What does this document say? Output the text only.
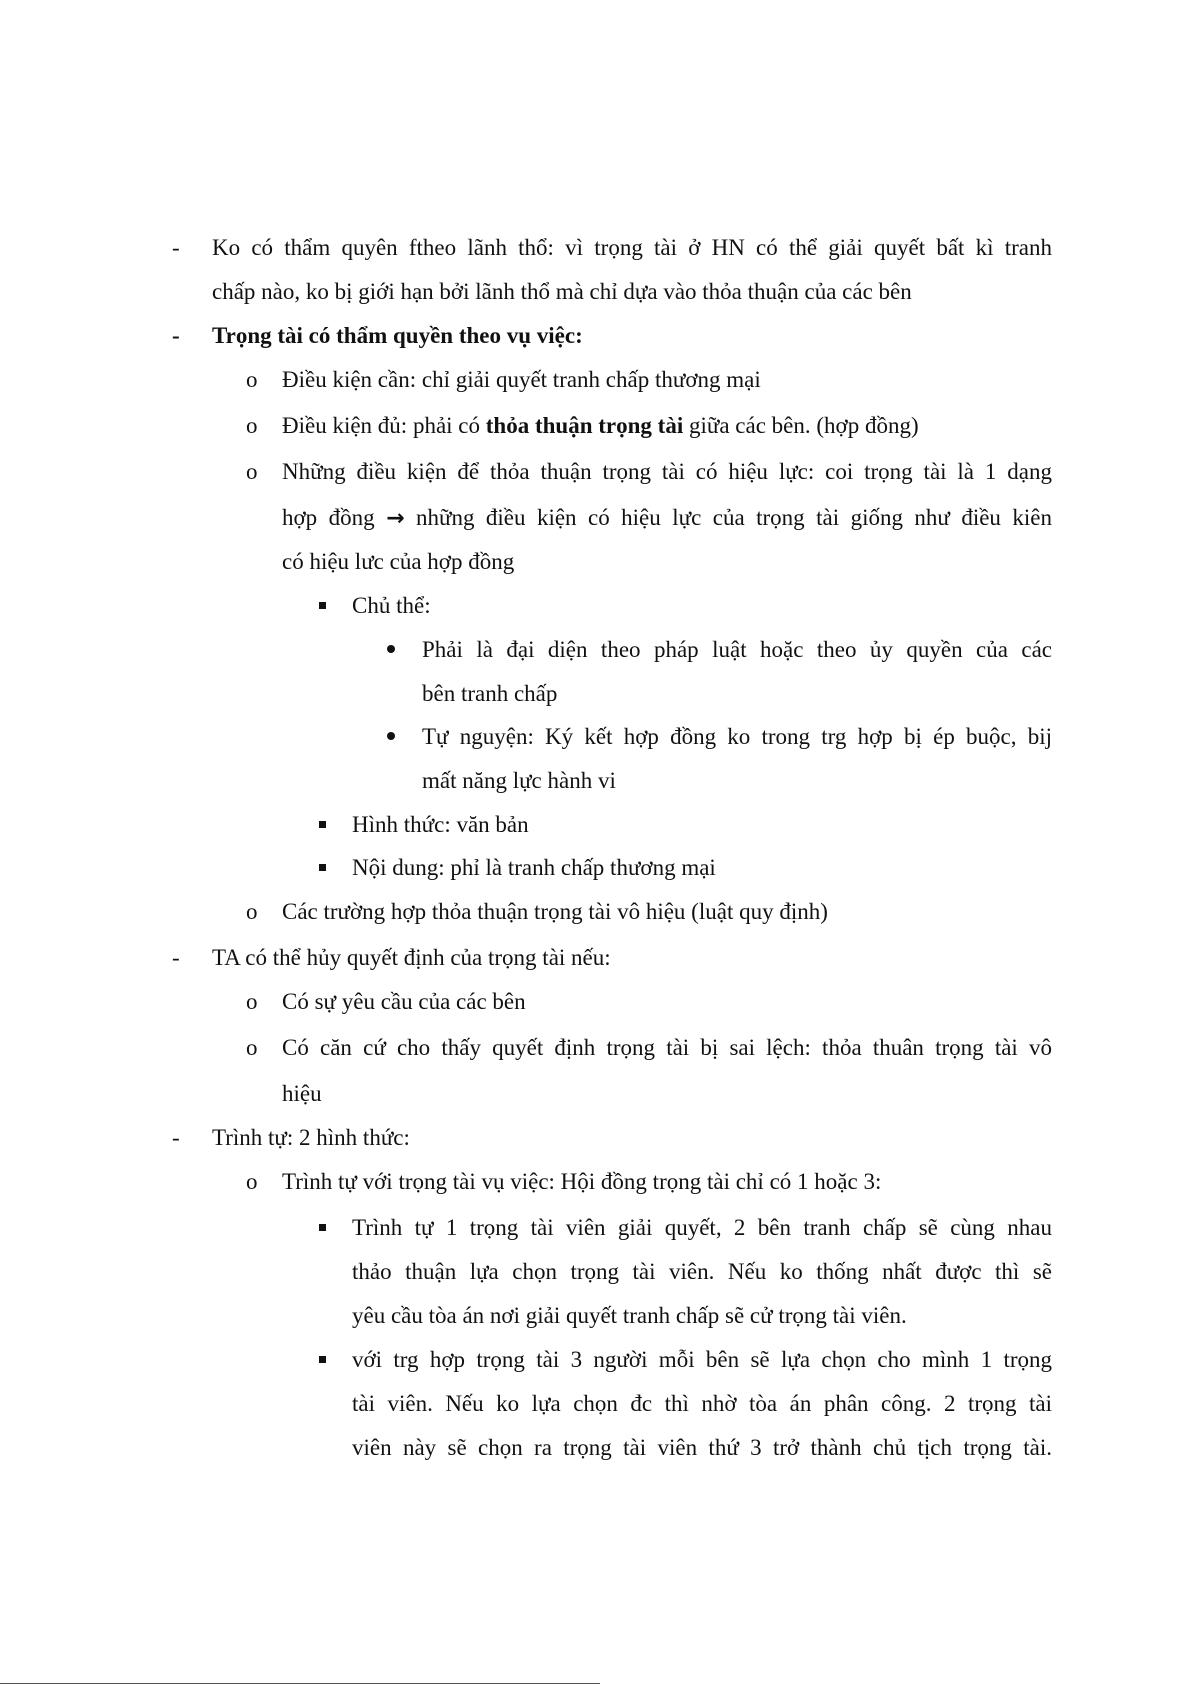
- Ko có thẩm quyên ftheo lãnh thổ: vì trọng tài ở HN có thể giải quyết bất kì tranh
chấp nào, ko bị giới hạn bởi lãnh thổ mà chỉ dựa vào thỏa thuận của các bên
- Trọng tài có thẩm quyền theo vụ việc:
o Điều kiện cần: chỉ giải quyết tranh chấp thương mại
o Điều kiện đủ: phải có thỏa thuận trọng tài giữa các bên. (hợp đồng)
o Những điều kiện để thỏa thuận trọng tài có hiệu lực: coi trọng tài là 1 dạng
hợp đồng → những điều kiện có hiệu lực của trọng tài giống như điều kiên
có hiệu lưc của hợp đồng
Chủ thể:
Phải là đại diện theo pháp luật hoặc theo ủy quyền của các
bên tranh chấp
Tự nguyện: Ký kết hợp đồng ko trong trg hợp bị ép buộc, bij
mất năng lực hành vi
Hình thức: văn bản
Nội dung: phỉ là tranh chấp thương mại
o Các trường hợp thỏa thuận trọng tài vô hiệu (luật quy định)
- TA có thể hủy quyết định của trọng tài nếu:
o Có sự yêu cầu của các bên
o Có căn cứ cho thấy quyết định trọng tài bị sai lệch: thỏa thuân trọng tài vô
hiệu
- Trình tự: 2 hình thức:
o Trình tự với trọng tài vụ việc: Hội đồng trọng tài chỉ có 1 hoặc 3:
Trình tự 1 trọng tài viên giải quyết, 2 bên tranh chấp sẽ cùng nhau
thảo thuận lựa chọn trọng tài viên. Nếu ko thống nhất được thì sẽ
yêu cầu tòa án nơi giải quyết tranh chấp sẽ cử trọng tài viên.
với trg hợp trọng tài 3 người mỗi bên sẽ lựa chọn cho mình 1 trọng
tài viên. Nếu ko lựa chọn đc thì nhờ tòa án phân công. 2 trọng tài
viên này sẽ chọn ra trọng tài viên thứ 3 trở thành chủ tịch trọng tài.
